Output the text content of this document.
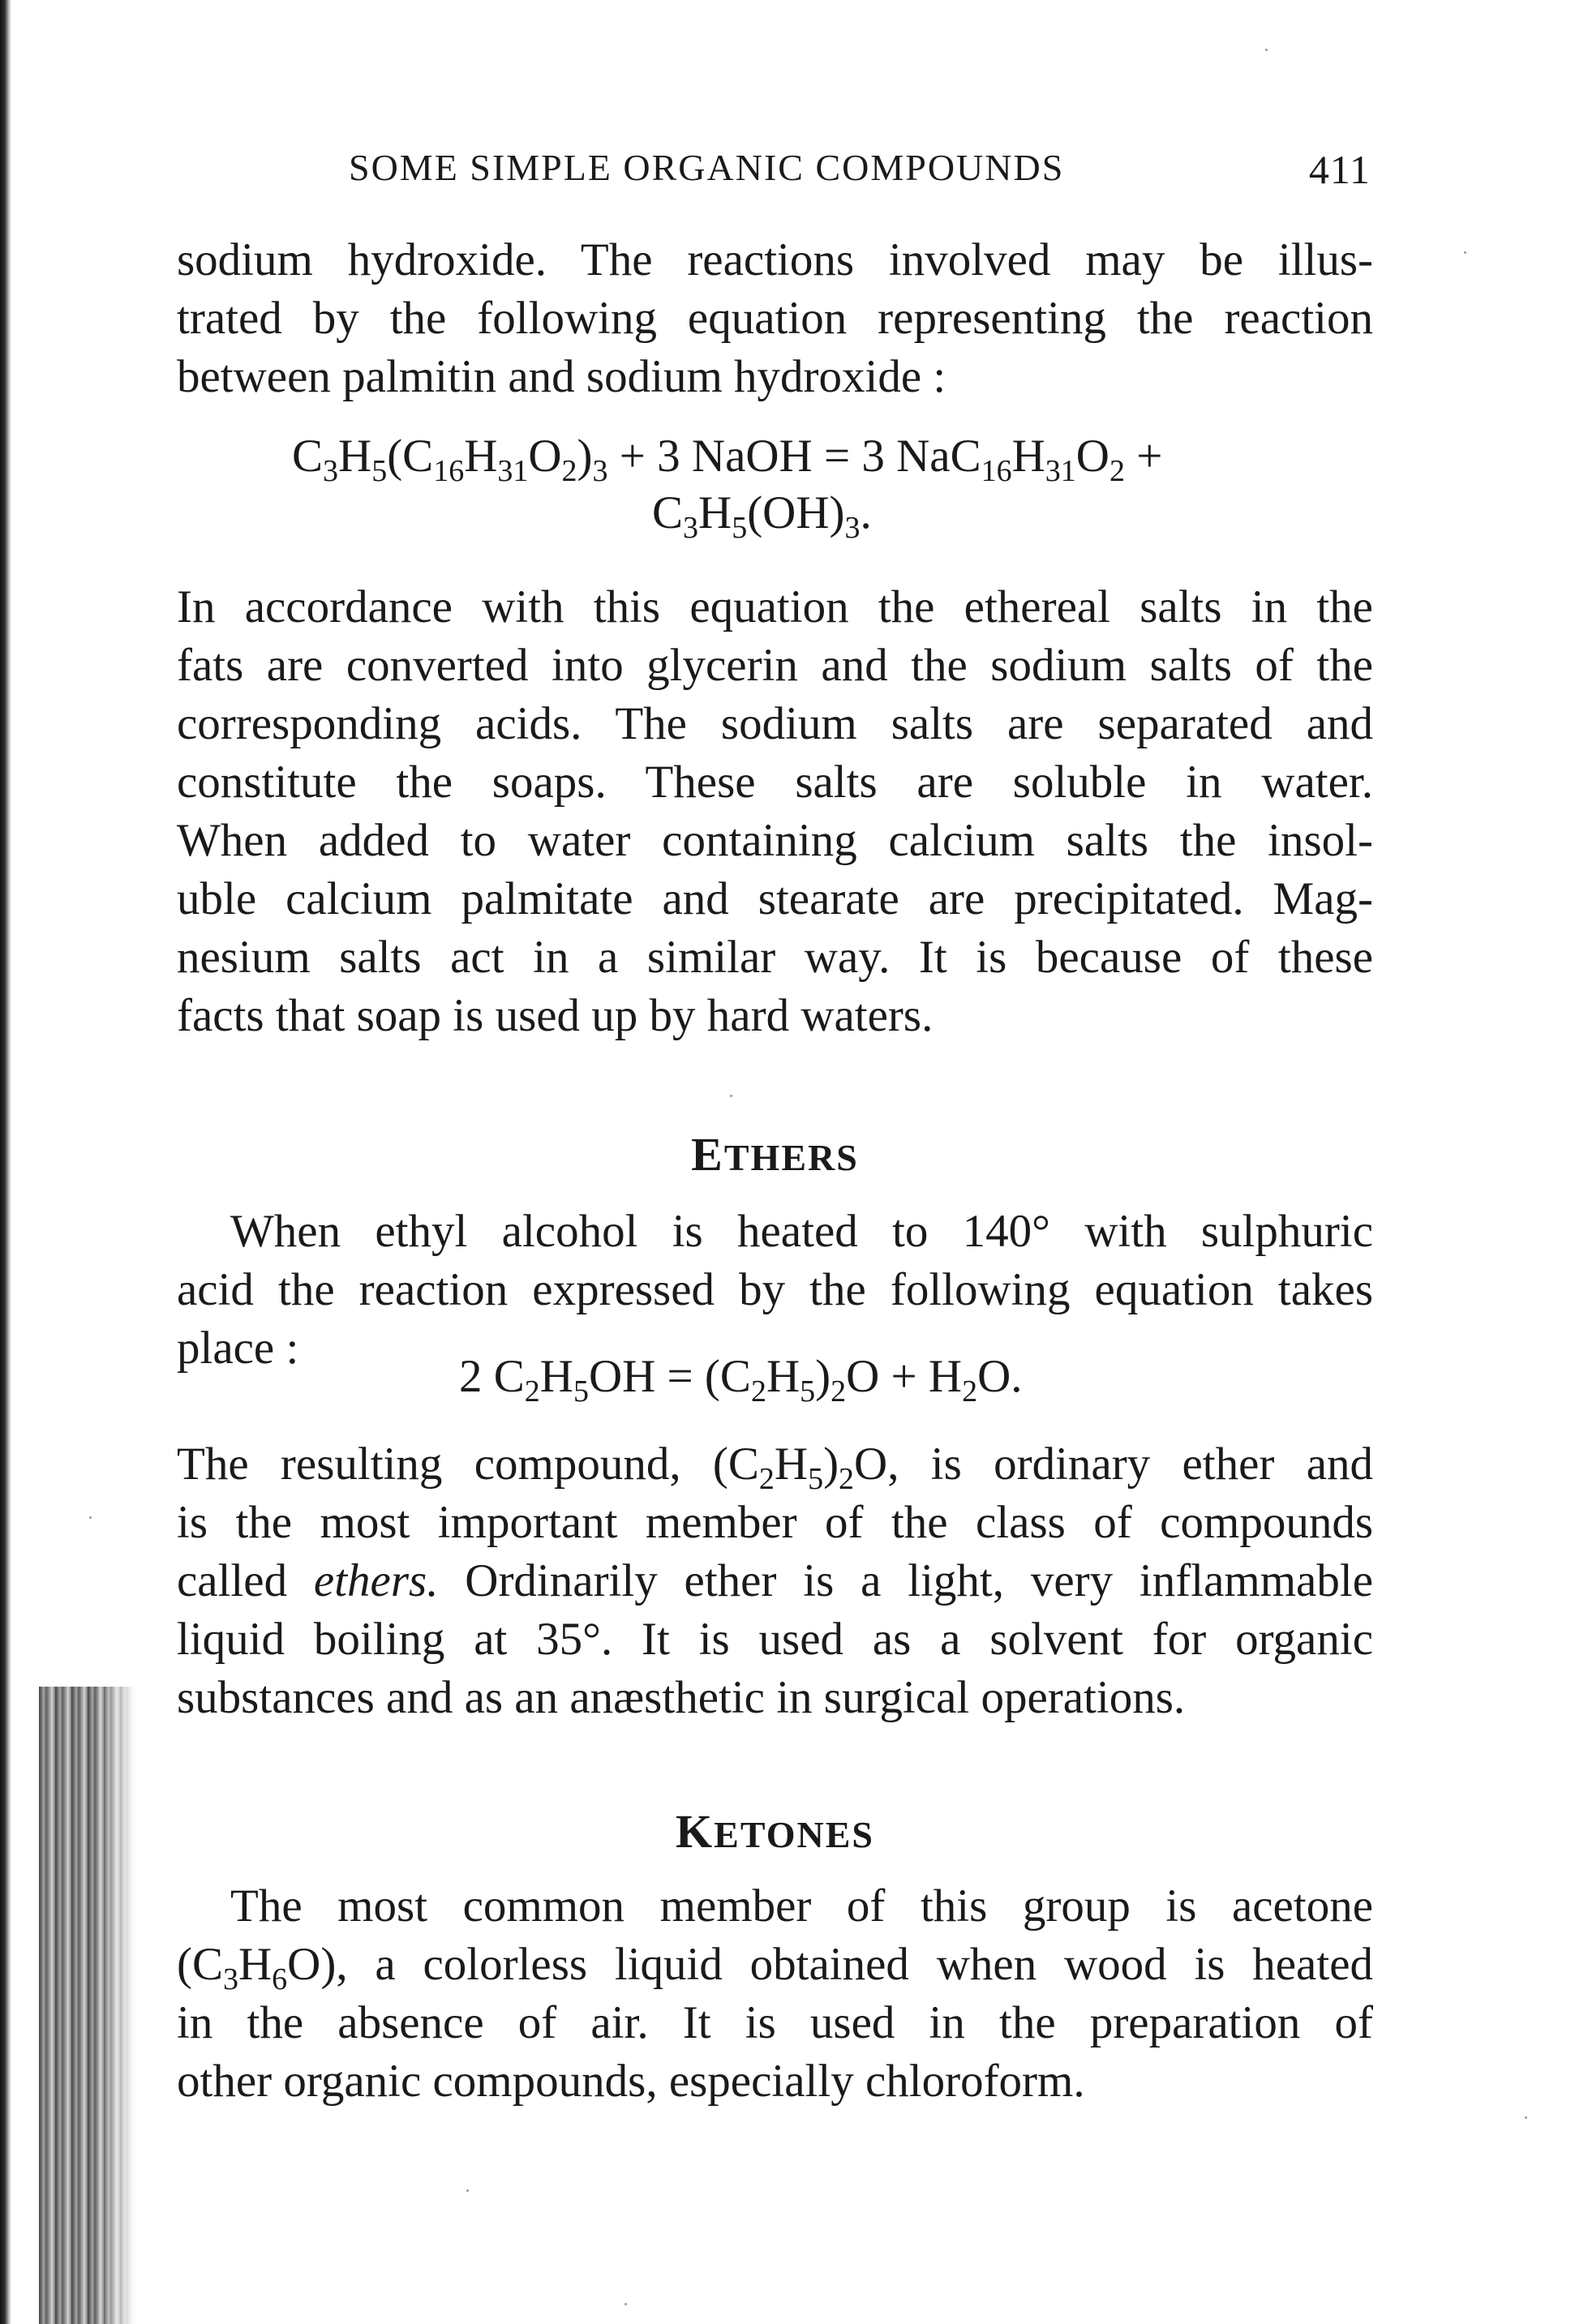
SOME SIMPLE ORGANIC COMPOUNDS	411

sodium hydroxide. The reactions involved may be illus-
trated by the following equation representing the reaction
between palmitin and sodium hydroxide :

$C_3H_5(C_{16}H_{31}O_2)_3 + 3$ NaOH = 3 $NaC_{16}H_{31}O_2$ +
$C_3H_5(OH)_3$.

In accordance with this equation the ethereal salts in the
fats are converted into glycerin and the sodium salts of the
corresponding acids. The sodium salts are separated and
constitute the soaps. These salts are soluble in water.
When added to water containing calcium salts the insol-
uble calcium palmitate and stearate are precipitated. Mag-
nesium salts act in a similar way. It is because of these
facts that soap is used up by hard waters.

ETHERS

When ethyl alcohol is heated to 140° with sulphuric
acid the reaction expressed by the following equation takes
place :

2 $C_2H_5OH = (C_2H_5)_2O + H_2O$.

The resulting compound, $(C_2H_5)_2O$, is ordinary ether and
is the most important member of the class of compounds
called ethers. Ordinarily ether is a light, very inflammable
liquid boiling at 35°. It is used as a solvent for organic
substances and as an anæsthetic in surgical operations.

KETONES

The most common member of this group is acetone
$(C_3H_6O)$, a colorless liquid obtained when wood is heated
in the absence of air. It is used in the preparation of
other organic compounds, especially chloroform.
